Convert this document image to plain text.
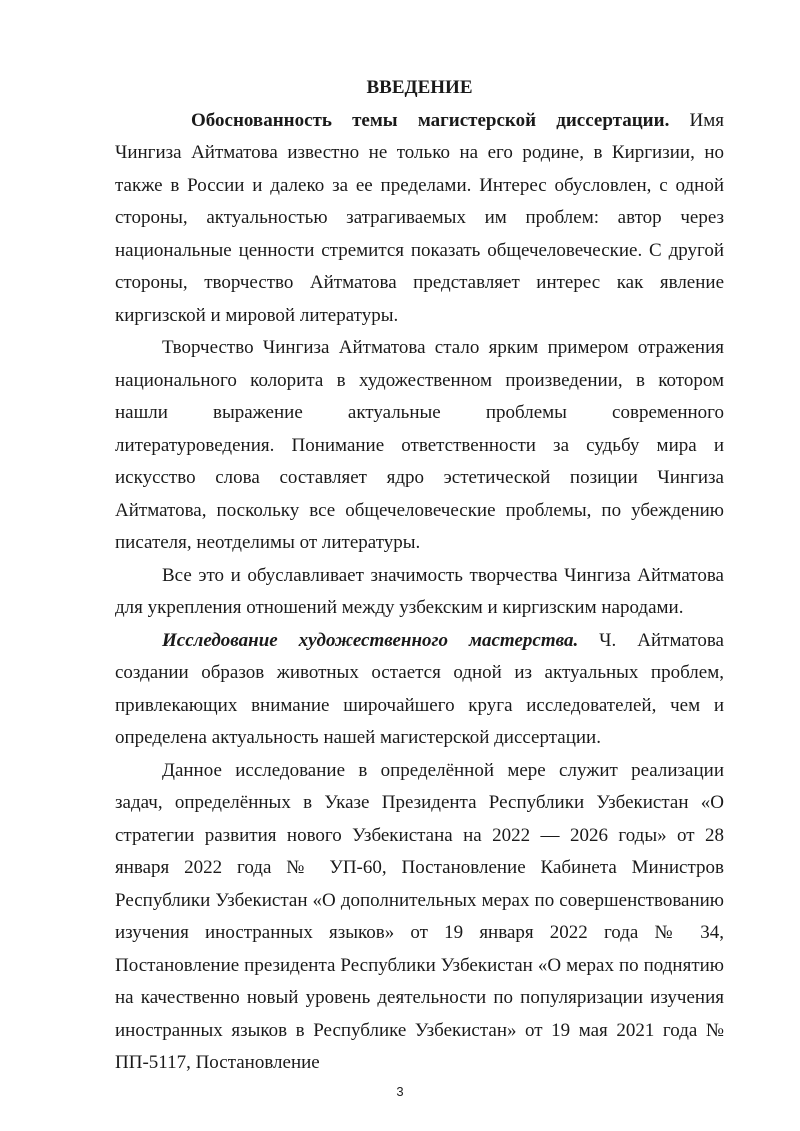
ВВЕДЕНИЕ

Обоснованность темы магистерской диссертации. Имя Чингиза Айтматова известно не только на его родине, в Киргизии, но также в России и далеко за ее пределами. Интерес обусловлен, с одной стороны, актуальностью затрагиваемых им проблем: автор через национальные ценности стремится показать общечеловеческие. С другой стороны, творчество Айтматова представляет интерес как явление киргизской и мировой литературы.

Творчество Чингиза Айтматова стало ярким примером отражения национального колорита в художественном произведении, в котором нашли выражение актуальные проблемы современного литературоведения. Понимание ответственности за судьбу мира и искусство слова составляет ядро эстетической позиции Чингиза Айтматова, поскольку все общечеловеческие проблемы, по убеждению писателя, неотделимы от литературы.

Все это и обуславливает значимость творчества Чингиза Айтматова для укрепления отношений между узбекским и киргизским народами.

Исследование художественного мастерства. Ч. Айтматова создании образов животных остается одной из актуальных проблем, привлекающих внимание широчайшего круга исследователей, чем и определена актуальность нашей магистерской диссертации.

Данное исследование в определённой мере служит реализации задач, определённых в Указе Президента Республики Узбекистан «О стратегии развития нового Узбекистана на 2022 — 2026 годы» от 28 января 2022 года № УП-60, Постановление Кабинета Министров Республики Узбекистан «О дополнительных мерах по совершенствованию изучения иностранных языков» от 19 января 2022 года № 34, Постановление президента Республики Узбекистан «О мерах по поднятию на качественно новый уровень деятельности по популяризации изучения иностранных языков в Республике Узбекистан» от 19 мая 2021 года № ПП-5117, Постановление

3
